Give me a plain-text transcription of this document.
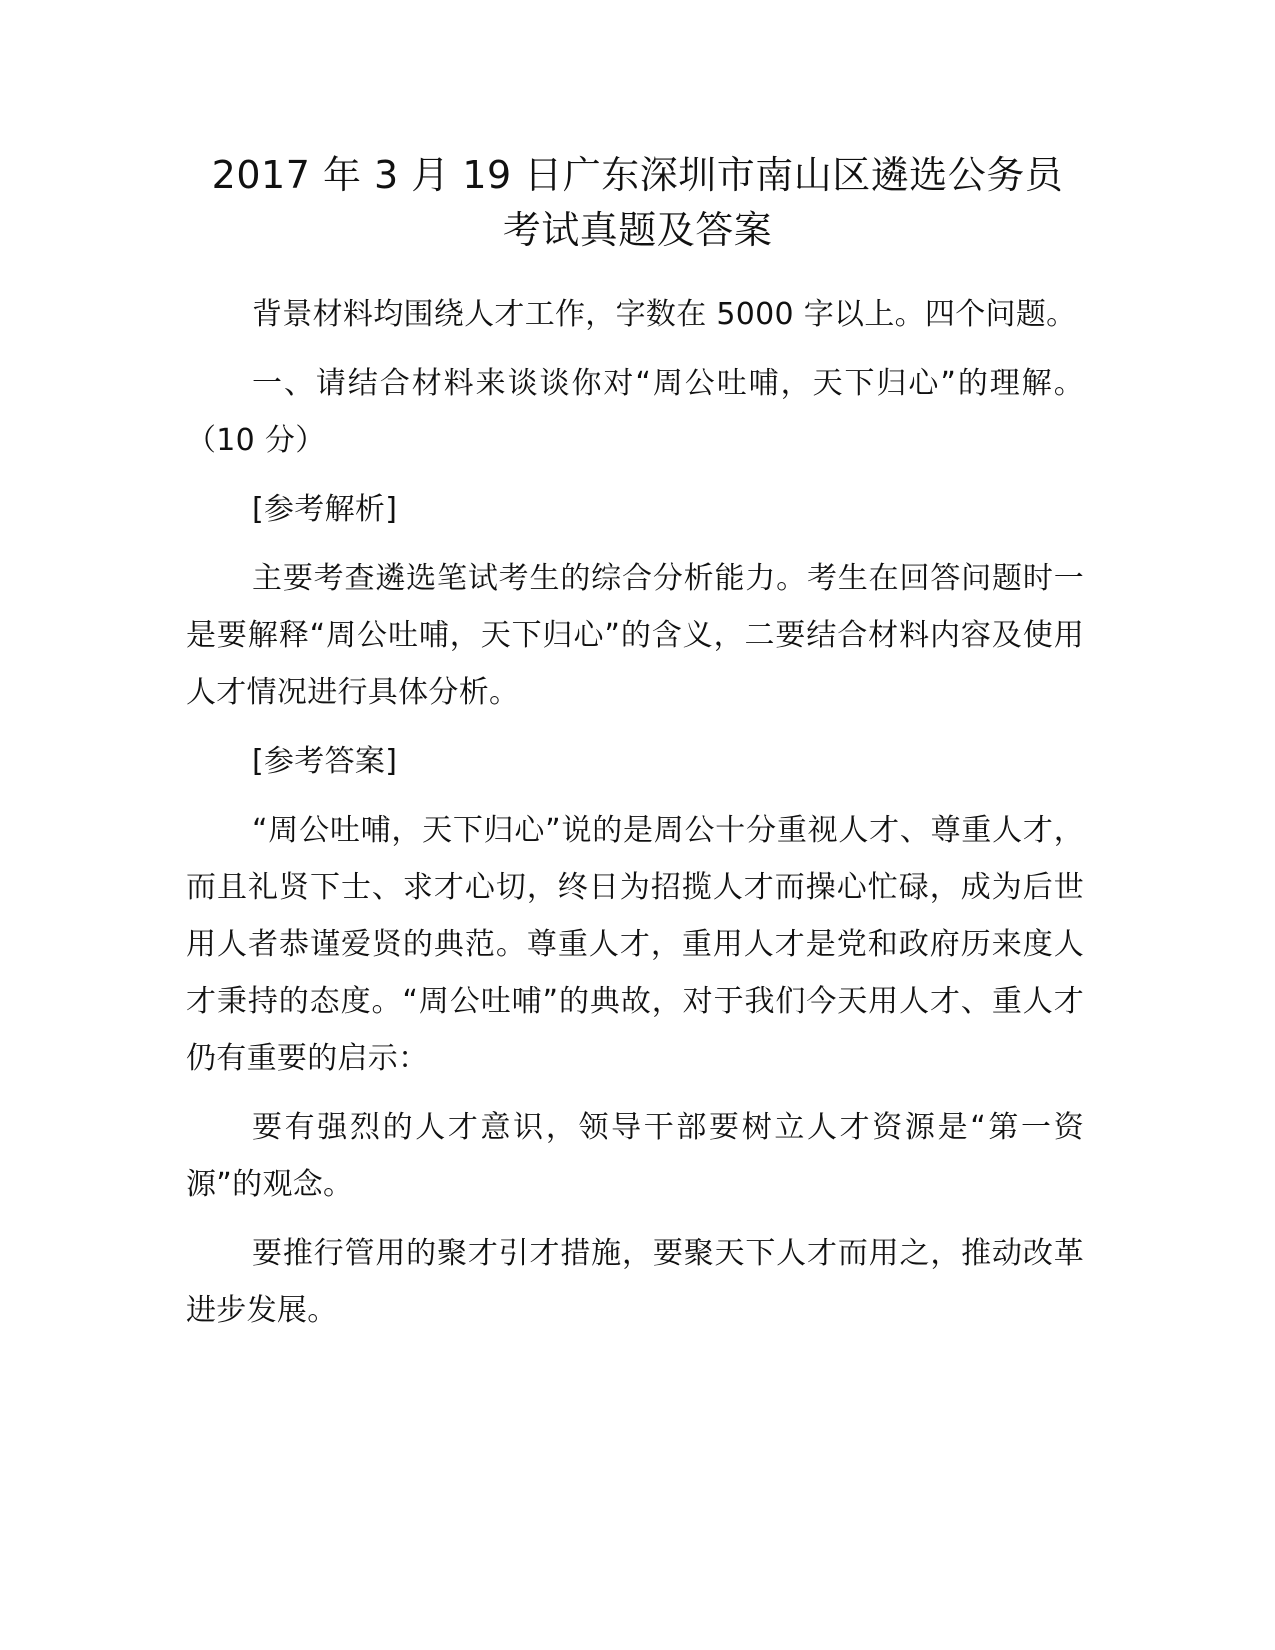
2017 年 3 月 19 日广东深圳市南山区遴选公务员
考试真题及答案

背景材料均围绕人才工作，字数在 5000 字以上。四个问题。

一、请结合材料来谈谈你对“周公吐哺，天下归心”的理解。（10 分）

[参考解析]

主要考查遴选笔试考生的综合分析能力。考生在回答问题时一是要解释“周公吐哺，天下归心”的含义，二要结合材料内容及使用人才情况进行具体分析。

[参考答案]

“周公吐哺，天下归心”说的是周公十分重视人才、尊重人才，而且礼贤下士、求才心切，终日为招揽人才而操心忙碌，成为后世用人者恭谨爱贤的典范。尊重人才，重用人才是党和政府历来度人才秉持的态度。“周公吐哺”的典故，对于我们今天用人才、重人才仍有重要的启示：

要有强烈的人才意识，领导干部要树立人才资源是“第一资源”的观念。

要推行管用的聚才引才措施，要聚天下人才而用之，推动改革进步发展。
